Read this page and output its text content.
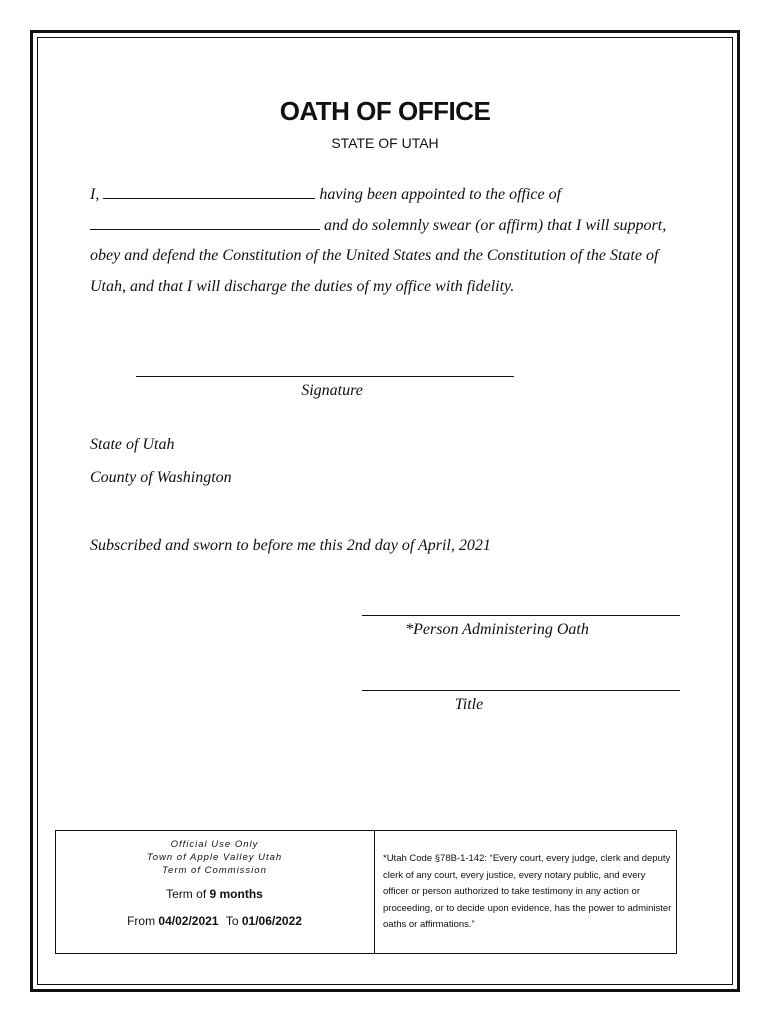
OATH OF OFFICE
STATE OF UTAH
I,	having been appointed to the office of
and do solemnly swear (or affirm) that I will support,
obey and defend the Constitution of the United States and the Constitution of the State of
Utah, and that I will discharge the duties of my office with fidelity.
Signature
State of Utah
County of Washington
Subscribed and sworn to before me this 2nd day of April, 2021
*Person Administering Oath
Title
Official Use Only
Town of Apple Valley Utah
Term of Commission
Term of 9 months
From 04/02/2021 To 01/06/2022
*Utah Code §78B-1-142: “Every court, every judge, clerk and deputy clerk of any court, every justice, every notary public, and every officer or person authorized to take testimony in any action or proceeding, or to decide upon evidence, has the power to administer oaths or affirmations.”
